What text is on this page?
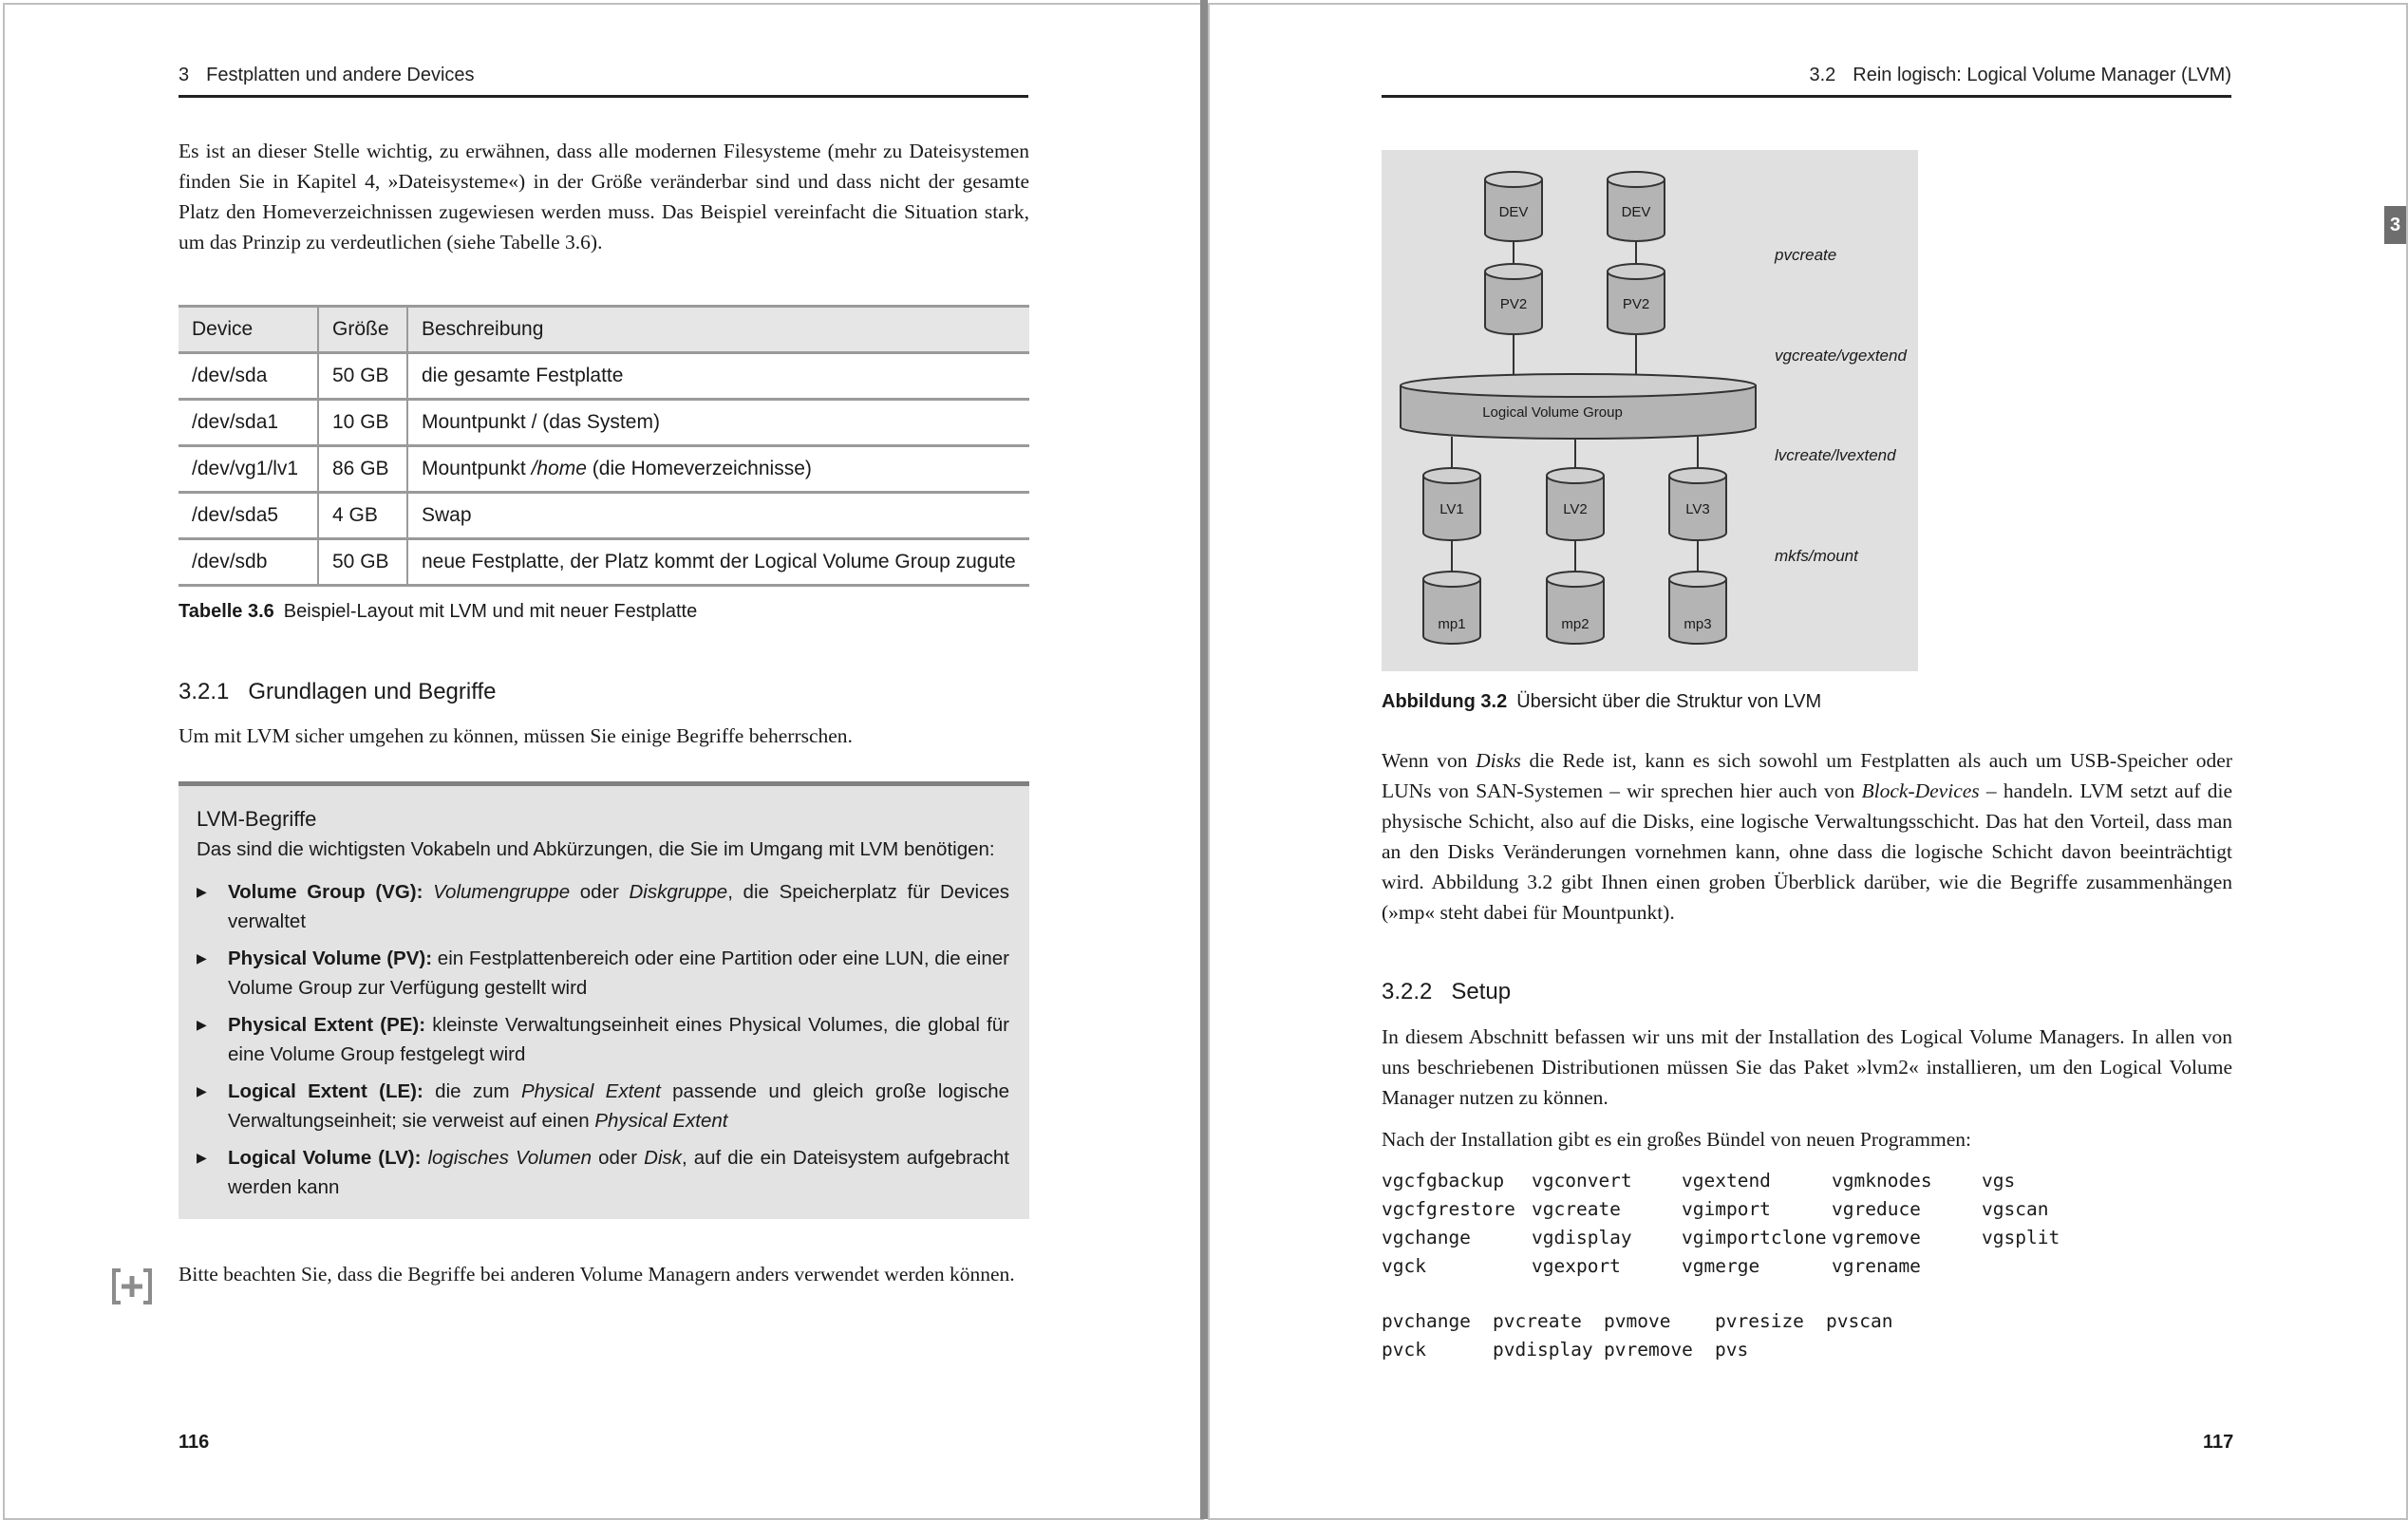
3 Festplatten und andere Devices

Es ist an dieser Stelle wichtig, zu erwähnen, dass alle modernen Filesysteme (mehr zu Dateisystemen finden Sie in Kapitel 4, »Dateisysteme«) in der Größe veränderbar sind und dass nicht der gesamte Platz den Homeverzeichnissen zugewiesen werden muss. Das Beispiel vereinfacht die Situation stark, um das Prinzip zu verdeutlichen (siehe Tabelle 3.6).

Device	Größe	Beschreibung
/dev/sda	50 GB	die gesamte Festplatte
/dev/sda1	10 GB	Mountpunkt / (das System)
/dev/vg1/lv1	86 GB	Mountpunkt /home (die Homeverzeichnisse)
/dev/sda5	4 GB	Swap
/dev/sdb	50 GB	neue Festplatte, der Platz kommt der Logical Volume Group zugute
Tabelle 3.6 Beispiel-Layout mit LVM und mit neuer Festplatte
3.2.1 Grundlagen und Begriffe

Um mit LVM sicher umgehen zu können, müssen Sie einige Begriffe beherrschen.

LVM-Begriffe
Das sind die wichtigsten Vokabeln und Abkürzungen, die Sie im Umgang mit LVM benötigen:
▶ Volume Group (VG): Volumengruppe oder Diskgruppe, die Speicherplatz für Devices verwaltet
▶ Physical Volume (PV): ein Festplattenbereich oder eine Partition oder eine LUN, die einer Volume Group zur Verfügung gestellt wird
▶ Physical Extent (PE): kleinste Verwaltungseinheit eines Physical Volumes, die global für eine Volume Group festgelegt wird
▶ Logical Extent (LE): die zum Physical Extent passende und gleich große logische Verwaltungseinheit; sie verweist auf einen Physical Extent
▶ Logical Volume (LV): logisches Volumen oder Disk, auf die ein Dateisystem aufgebracht werden kann

Bitte beachten Sie, dass die Begriffe bei anderen Volume Managern anders verwendet werden können.

116
3.2 Rein logisch: Logical Volume Manager (LVM)
3
DEV	DEV
PV2	PV2
Logical Volume Group
LV1	LV2	LV3
mp1	mp2	mp3
pvcreate
vgcreate/vgextend
lvcreate/lvextend
mkfs/mount
Abbildung 3.2 Übersicht über die Struktur von LVM

Wenn von Disks die Rede ist, kann es sich sowohl um Festplatten als auch um USB-Speicher oder LUNs von SAN-Systemen – wir sprechen hier auch von Block-Devices – handeln. LVM setzt auf die physische Schicht, also auf die Disks, eine logische Verwaltungsschicht. Das hat den Vorteil, dass man an den Disks Veränderungen vornehmen kann, ohne dass die logische Schicht davon beeinträchtigt wird. Abbildung 3.2 gibt Ihnen einen groben Überblick darüber, wie die Begriffe zusammenhängen (»mp« steht dabei für Mountpunkt).

3.2.2 Setup

In diesem Abschnitt befassen wir uns mit der Installation des Logical Volume Managers. In allen von uns beschriebenen Distributionen müssen Sie das Paket »lvm2« installieren, um den Logical Volume Manager nutzen zu können.

Nach der Installation gibt es ein großes Bündel von neuen Programmen:

vgcfgbackup	vgconvert	vgextend	vgmknodes	vgs
vgcfgrestore vgcreate	vgimport	vgreduce	vgscan
vgchange	vgdisplay	vgimportclone vgremove	vgsplit
vgck	vgexport	vgmerge	vgrename
pvchange	pvcreate	pvmove	pvresize	pvscan
pvck	pvdisplay pvremove	pvs
117
